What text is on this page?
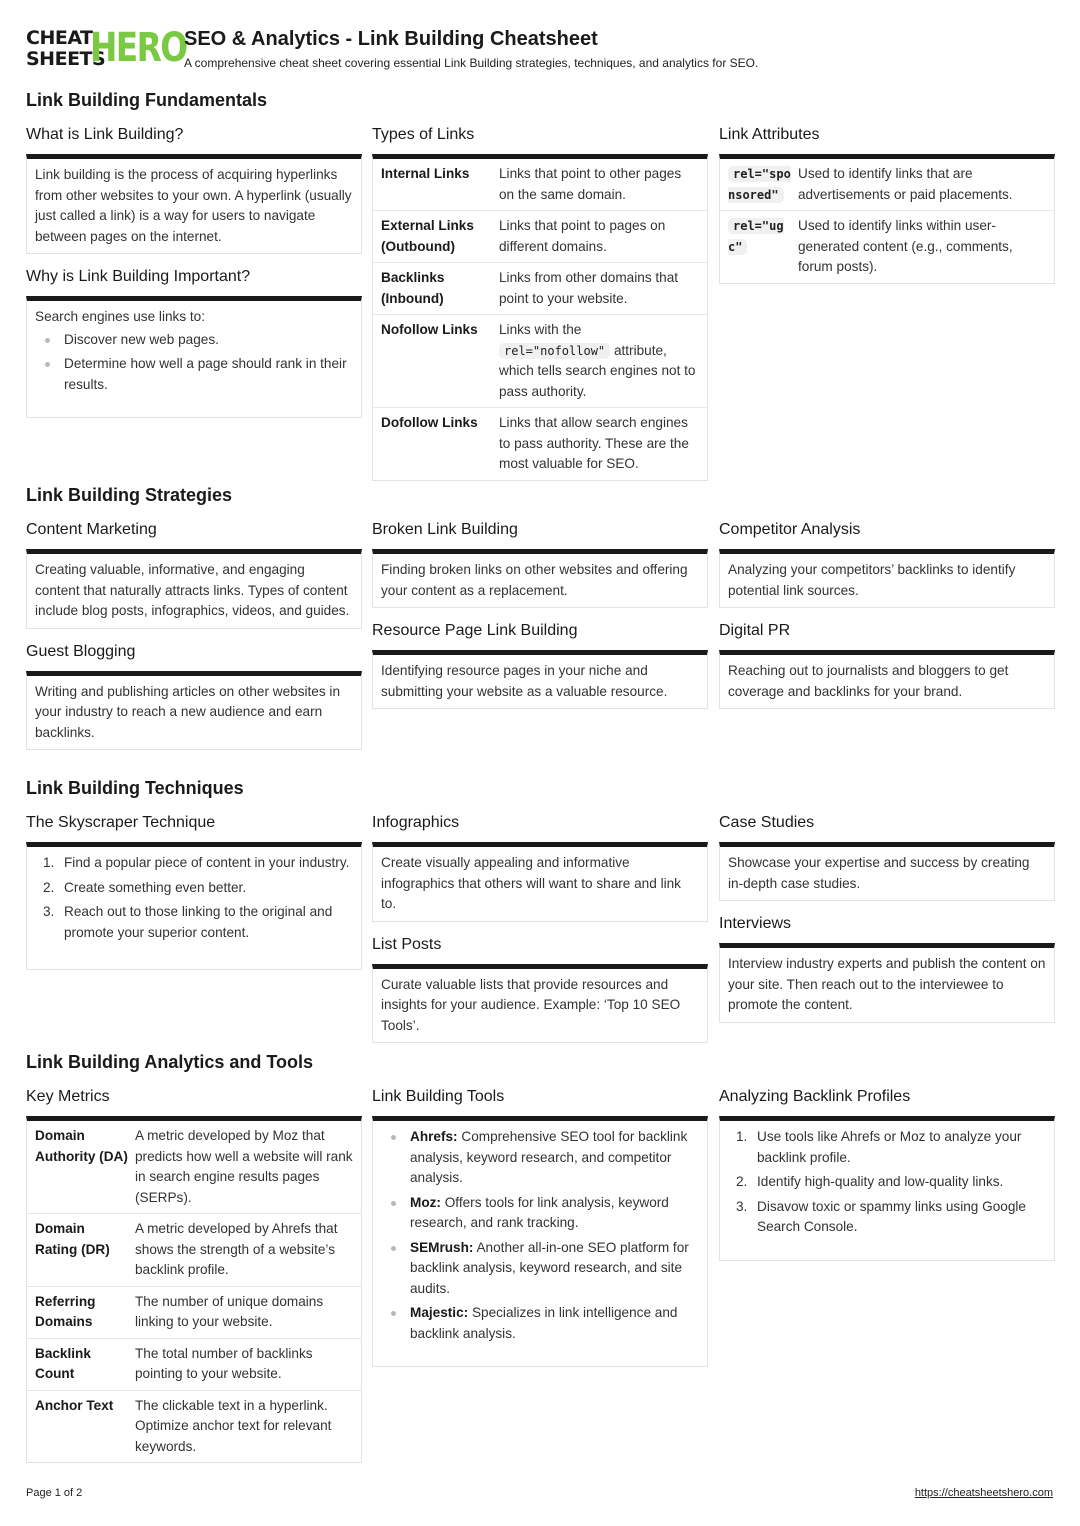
CHEAT
SHEETS
HERO
SEO & Analytics - Link Building Cheatsheet
A comprehensive cheat sheet covering essential Link Building strategies, techniques, and analytics for SEO.
Link Building Fundamentals
What is Link Building?
Link building is the process of acquiring hyperlinks from other websites to your own. A hyperlink (usually just called a link) is a way for users to navigate between pages on the internet.
Why is Link Building Important?
Search engines use links to:
Discover new web pages.
Determine how well a page should rank in their results.
Types of Links
Internal Links	Links that point to other pages on the same domain.
External Links (Outbound)
Links that point to pages on different domains.
Backlinks (Inbound)
Links from other domains that point to your website.
Nofollow Links	Links with the
rel="nofollow" attribute, which tells search engines not to pass authority.
Dofollow Links	Links that allow search engines to pass authority. These are the most valuable for SEO.
Link Attributes
rel="sponsored"
Used to identify links that are advertisements or paid placements.
rel="ugc"
Used to identify links within user-generated content (e.g., comments, forum posts).
Link Building Strategies
Content Marketing
Creating valuable, informative, and engaging content that naturally attracts links. Types of content include blog posts, infographics, videos, and guides.
Guest Blogging
Writing and publishing articles on other websites in your industry to reach a new audience and earn backlinks.
Broken Link Building
Finding broken links on other websites and offering your content as a replacement.
Resource Page Link Building
Identifying resource pages in your niche and submitting your website as a valuable resource.
Competitor Analysis
Analyzing your competitors’ backlinks to identify potential link sources.
Digital PR
Reaching out to journalists and bloggers to get coverage and backlinks for your brand.
Link Building Techniques
The Skyscraper Technique
1. Find a popular piece of content in your industry.
2. Create something even better.
3. Reach out to those linking to the original and promote your superior content.
Infographics
Create visually appealing and informative infographics that others will want to share and link to.
List Posts
Curate valuable lists that provide resources and insights for your audience. Example: ‘Top 10 SEO Tools’.
Case Studies
Showcase your expertise and success by creating in-depth case studies.
Interviews
Interview industry experts and publish the content on your site. Then reach out to the interviewee to promote the content.
Link Building Analytics and Tools
Key Metrics
Domain Authority (DA)
A metric developed by Moz that predicts how well a website will rank in search engine results pages (SERPs).
Domain Rating (DR)
A metric developed by Ahrefs that shows the strength of a website’s backlink profile.
Referring Domains
The number of unique domains linking to your website.
Backlink Count
The total number of backlinks pointing to your website.
Anchor Text	The clickable text in a hyperlink. Optimize anchor text for relevant keywords.
Link Building Tools
Ahrefs: Comprehensive SEO tool for backlink analysis, keyword research, and competitor analysis.
Moz: Offers tools for link analysis, keyword research, and rank tracking.
SEMrush: Another all-in-one SEO platform for backlink analysis, keyword research, and site audits.
Majestic: Specializes in link intelligence and backlink analysis.
Analyzing Backlink Profiles
1. Use tools like Ahrefs or Moz to analyze your backlink profile.
2. Identify high-quality and low-quality links.
3. Disavow toxic or spammy links using Google Search Console.
Page 1 of 2	https://cheatsheetshero.com
